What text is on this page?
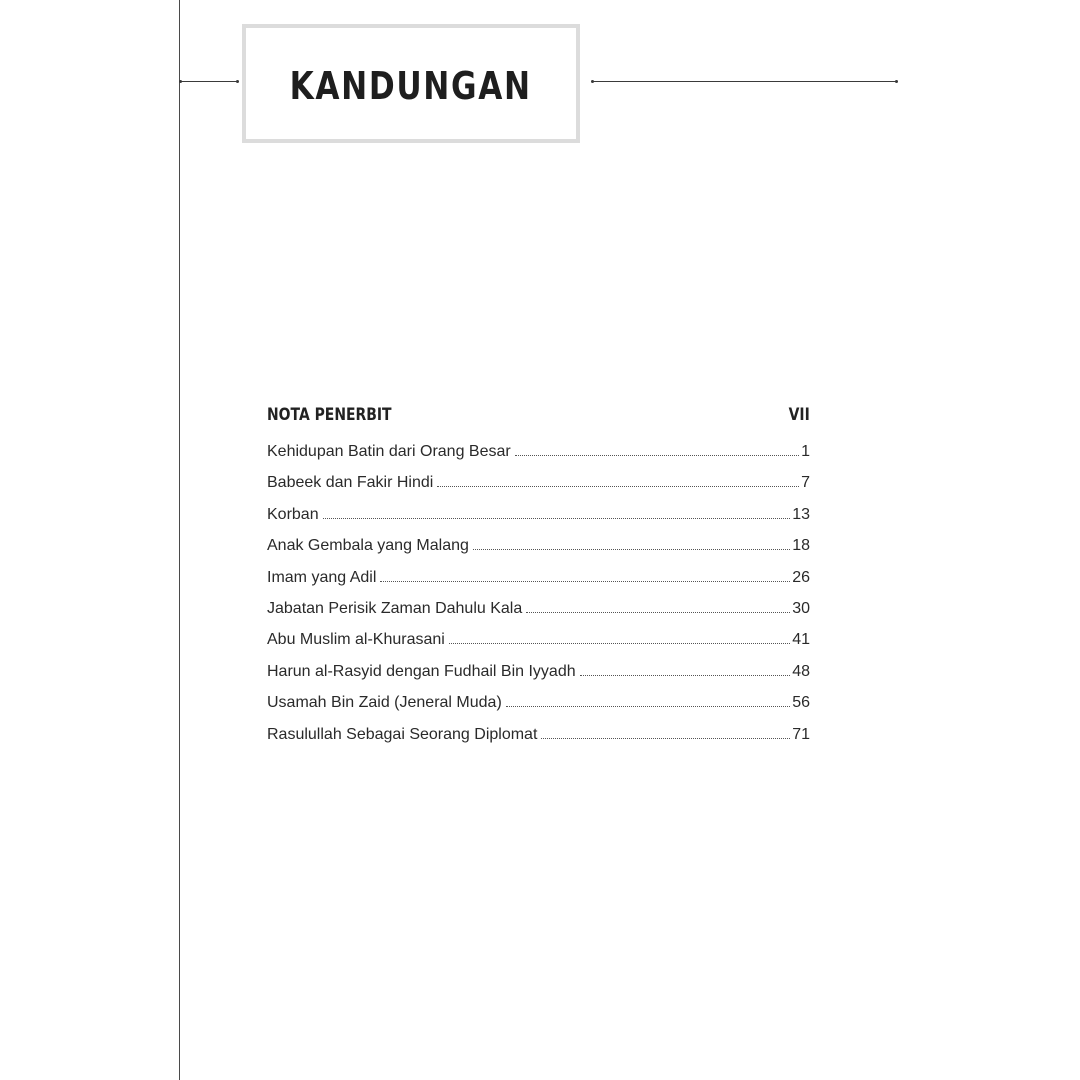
KANDUNGAN
NOTA PENERBIT	VII
Kehidupan Batin dari Orang Besar	1
Babeek dan Fakir Hindi	7
Korban	13
Anak Gembala yang Malang	18
Imam yang Adil	26
Jabatan Perisik Zaman Dahulu Kala	30
Abu Muslim al-Khurasani	41
Harun al-Rasyid dengan Fudhail Bin Iyyadh	48
Usamah Bin Zaid (Jeneral Muda)	56
Rasulullah Sebagai Seorang Diplomat	71
